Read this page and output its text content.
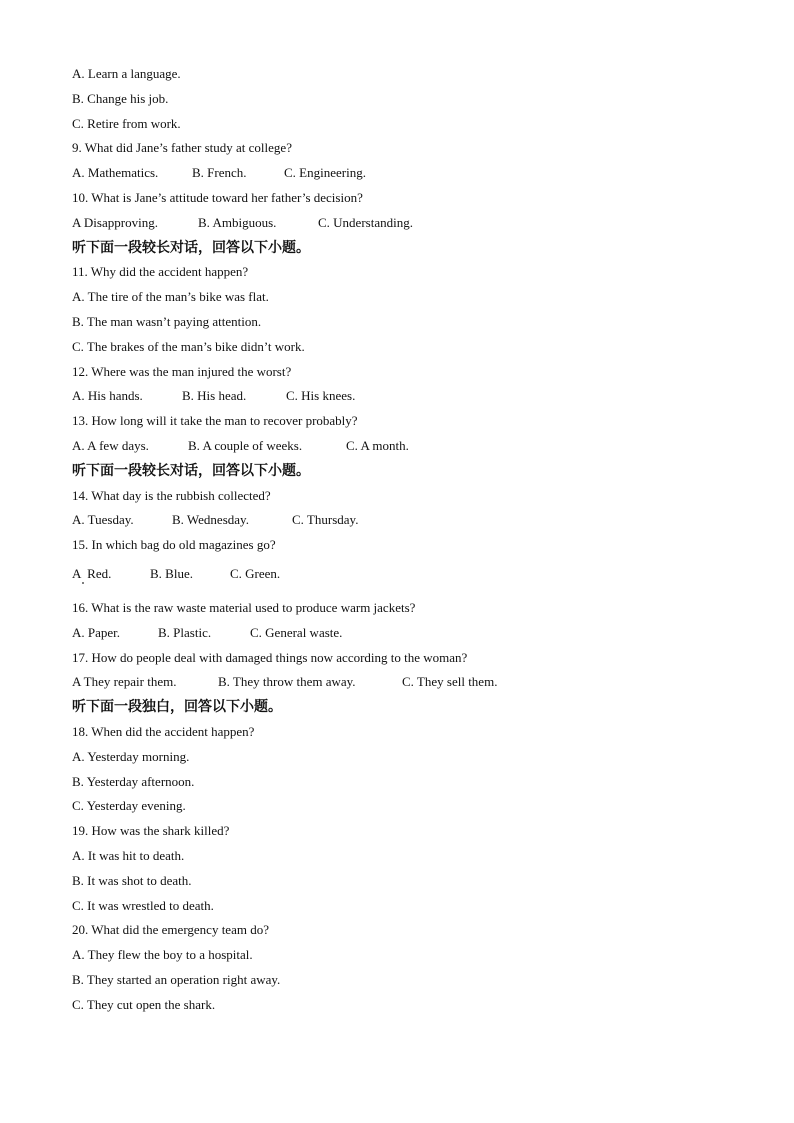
A. Learn a language.
B. Change his job.
C. Retire from work.
9. What did Jane’s father study at college?
A. Mathematics.	B. French.	C. Engineering.
10. What is Jane’s attitude toward her father’s decision?
A Disapproving.	B. Ambiguous.	C. Understanding.
听下面一段较长对话，回答以下小题。
11. Why did the accident happen?
A. The tire of the man’s bike was flat.
B. The man wasn’t paying attention.
C. The brakes of the man’s bike didn’t work.
12. Where was the man injured the worst?
A. His hands.	B. His head.	C. His knees.
13. How long will it take the man to recover probably?
A. A few days.	B. A couple of weeks.	C. A month.
听下面一段较长对话，回答以下小题。
14. What day is the rubbish collected?
A. Tuesday.	B. Wednesday.	C. Thursday.
15. In which bag do old magazines go?
A  Red.	B. Blue.	C. Green.
16. What is the raw waste material used to produce warm jackets?
A. Paper.	B. Plastic.	C. General waste.
17. How do people deal with damaged things now according to the woman?
A They repair them.	B. They throw them away.	C. They sell them.
听下面一段独白，回答以下小题。
18. When did the accident happen?
A. Yesterday morning.
B. Yesterday afternoon.
C. Yesterday evening.
19. How was the shark killed?
A. It was hit to death.
B. It was shot to death.
C. It was wrestled to death.
20. What did the emergency team do?
A. They flew the boy to a hospital.
B. They started an operation right away.
C. They cut open the shark.
